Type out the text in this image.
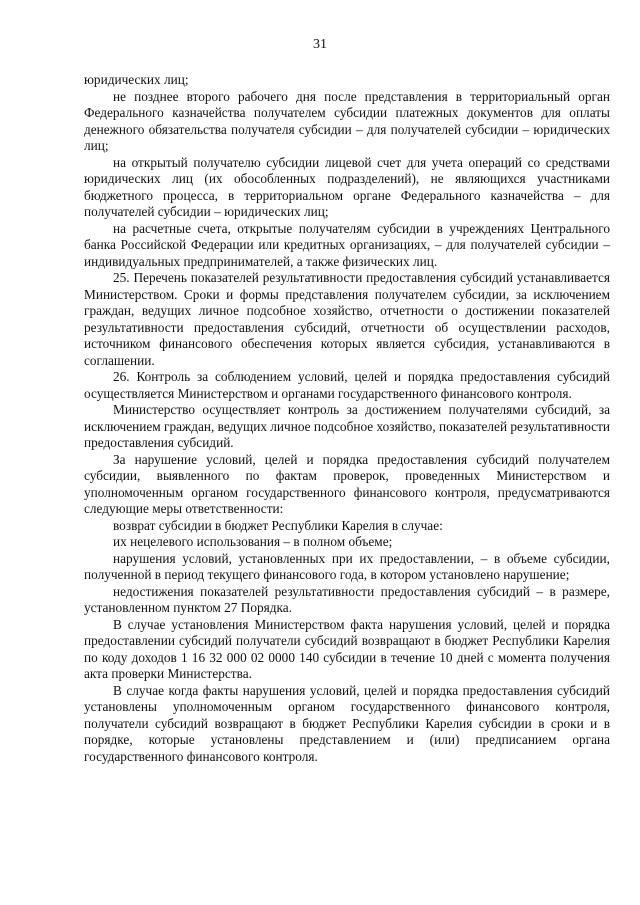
31

юридических лиц;

не позднее второго рабочего дня после представления в территориальный орган Федерального казначейства получателем субсидии платежных документов для оплаты денежного обязательства получателя субсидии – для получателей субсидии – юридических лиц;

на открытый получателю субсидии лицевой счет для учета операций со средствами юридических лиц (их обособленных подразделений), не являющихся участниками бюджетного процесса, в территориальном органе Федерального казначейства – для получателей субсидии – юридических лиц;

на расчетные счета, открытые получателям субсидии в учреждениях Центрального банка Российской Федерации или кредитных организациях, – для получателей субсидии – индивидуальных предпринимателей, а также физических лиц.

25. Перечень показателей результативности предоставления субсидий устанавливается Министерством. Сроки и формы представления получателем субсидии, за исключением граждан, ведущих личное подсобное хозяйство, отчетности о достижении показателей результативности предоставления субсидий, отчетности об осуществлении расходов, источником финансового обеспечения которых является субсидия, устанавливаются в соглашении.

26. Контроль за соблюдением условий, целей и порядка предоставления субсидий осуществляется Министерством и органами государственного финансового контроля.

Министерство осуществляет контроль за достижением получателями субсидий, за исключением граждан, ведущих личное подсобное хозяйство, показателей результативности предоставления субсидий.

За нарушение условий, целей и порядка предоставления субсидий получателем субсидии, выявленного по фактам проверок, проведенных Министерством и уполномоченным органом государственного финансового контроля, предусматриваются следующие меры ответственности:

возврат субсидии в бюджет Республики Карелия в случае:

их нецелевого использования – в полном объеме;

нарушения условий, установленных при их предоставлении, – в объеме субсидии, полученной в период текущего финансового года, в котором установлено нарушение;

недостижения показателей результативности предоставления субсидий – в размере, установленном пунктом 27 Порядка.

В случае установления Министерством факта нарушения условий, целей и порядка предоставлении субсидий получатели субсидий возвращают в бюджет Республики Карелия по коду доходов 1 16 32 000 02 0000 140 субсидии в течение 10 дней с момента получения акта проверки Министерства.

В случае когда факты нарушения условий, целей и порядка предоставления субсидий установлены уполномоченным органом государственного финансового контроля, получатели субсидий возвращают в бюджет Республики Карелия субсидии в сроки и в порядке, которые установлены представлением и (или) предписанием органа государственного финансового контроля.
